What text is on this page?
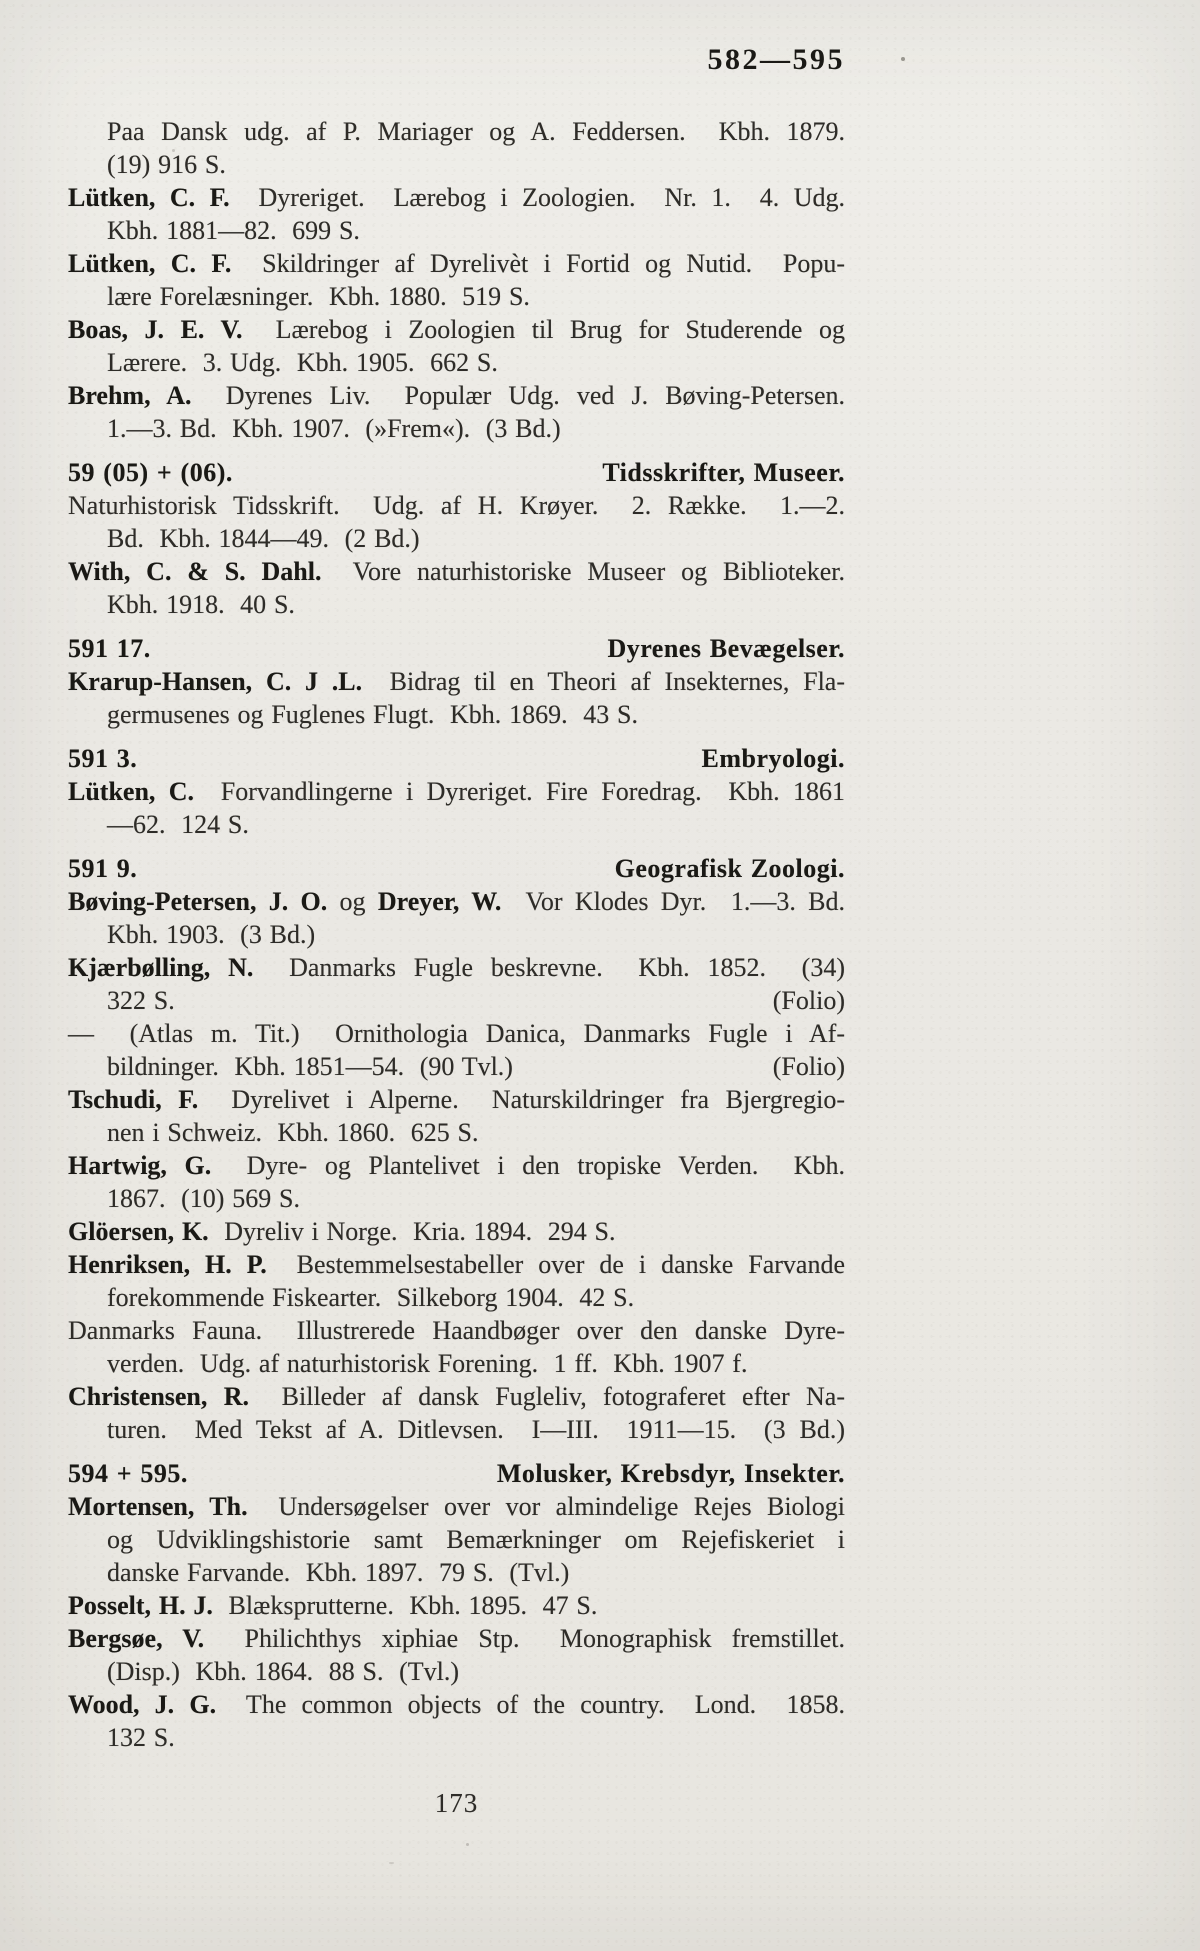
582—595
Paa Dansk udg. af P. Mariager og A. Feddersen.  Kbh. 1879.
(19) 916 S.
Lütken, C. F.  Dyreriget.  Lærebog i Zoologien.  Nr. 1.  4. Udg.
Kbh. 1881—82.  699 S.
Lütken, C. F.  Skildringer af Dyrelivèt i Fortid og Nutid.  Popu-
lære Forelæsninger.  Kbh. 1880.  519 S.
Boas, J. E. V.  Lærebog i Zoologien til Brug for Studerende og
Lærere.  3. Udg.  Kbh. 1905.  662 S.
Brehm, A.  Dyrenes Liv.  Populær Udg. ved J. Bøving-Petersen.
1.—3. Bd.  Kbh. 1907.  (»Frem«).  (3 Bd.)
59 (05) + (06).	Tidsskrifter, Museer.
Naturhistorisk Tidsskrift.  Udg. af H. Krøyer.  2. Række.  1.—2.
Bd.  Kbh. 1844—49.  (2 Bd.)
With, C. & S. Dahl.  Vore naturhistoriske Museer og Biblioteker.
Kbh. 1918.  40 S.
591 17.	Dyrenes Bevægelser.
Krarup-Hansen, C. J .L.  Bidrag til en Theori af Insekternes, Fla-
germusenes og Fuglenes Flugt.  Kbh. 1869.  43 S.
591 3.	Embryologi.
Lütken, C.  Forvandlingerne i Dyreriget. Fire Foredrag.  Kbh. 1861
—62.  124 S.
591 9.	Geografisk Zoologi.
Bøving-Petersen, J. O. og Dreyer, W.  Vor Klodes Dyr.  1.—3. Bd.
Kbh. 1903.  (3 Bd.)
Kjærbølling, N.  Danmarks Fugle beskrevne.  Kbh. 1852.  (34)
322 S.	(Folio)
—  (Atlas m. Tit.)  Ornithologia Danica, Danmarks Fugle i Af-
bildninger.  Kbh. 1851—54.  (90 Tvl.)	(Folio)
Tschudi, F.  Dyrelivet i Alperne.  Naturskildringer fra Bjergregio-
nen i Schweiz.  Kbh. 1860.  625 S.
Hartwig, G.  Dyre- og Plantelivet i den tropiske Verden.  Kbh.
1867.  (10) 569 S.
Glöersen, K.  Dyreliv i Norge.  Kria. 1894.  294 S.
Henriksen, H. P.  Bestemmelsestabeller over de i danske Farvande
forekommende Fiskearter.  Silkeborg 1904.  42 S.
Danmarks Fauna.  Illustrerede Haandbøger over den danske Dyre-
verden.  Udg. af naturhistorisk Forening.  1 ff.  Kbh. 1907 f.
Christensen, R.  Billeder af dansk Fugleliv, fotograferet efter Na-
turen.  Med Tekst af A. Ditlevsen.  I—III.  1911—15.  (3 Bd.)
594 + 595.	Molusker, Krebsdyr, Insekter.
Mortensen, Th.  Undersøgelser over vor almindelige Rejes Biologi
og Udviklingshistorie samt Bemærkninger om Rejefiskeriet i
danske Farvande.  Kbh. 1897.  79 S.  (Tvl.)
Posselt, H. J.  Blæksprutterne.  Kbh. 1895.  47 S.
Bergsøe, V.  Philichthys xiphiae Stp.  Monographisk fremstillet.
(Disp.)  Kbh. 1864.  88 S.  (Tvl.)
Wood, J. G.  The common objects of the country.  Lond.  1858.
132 S.
173
